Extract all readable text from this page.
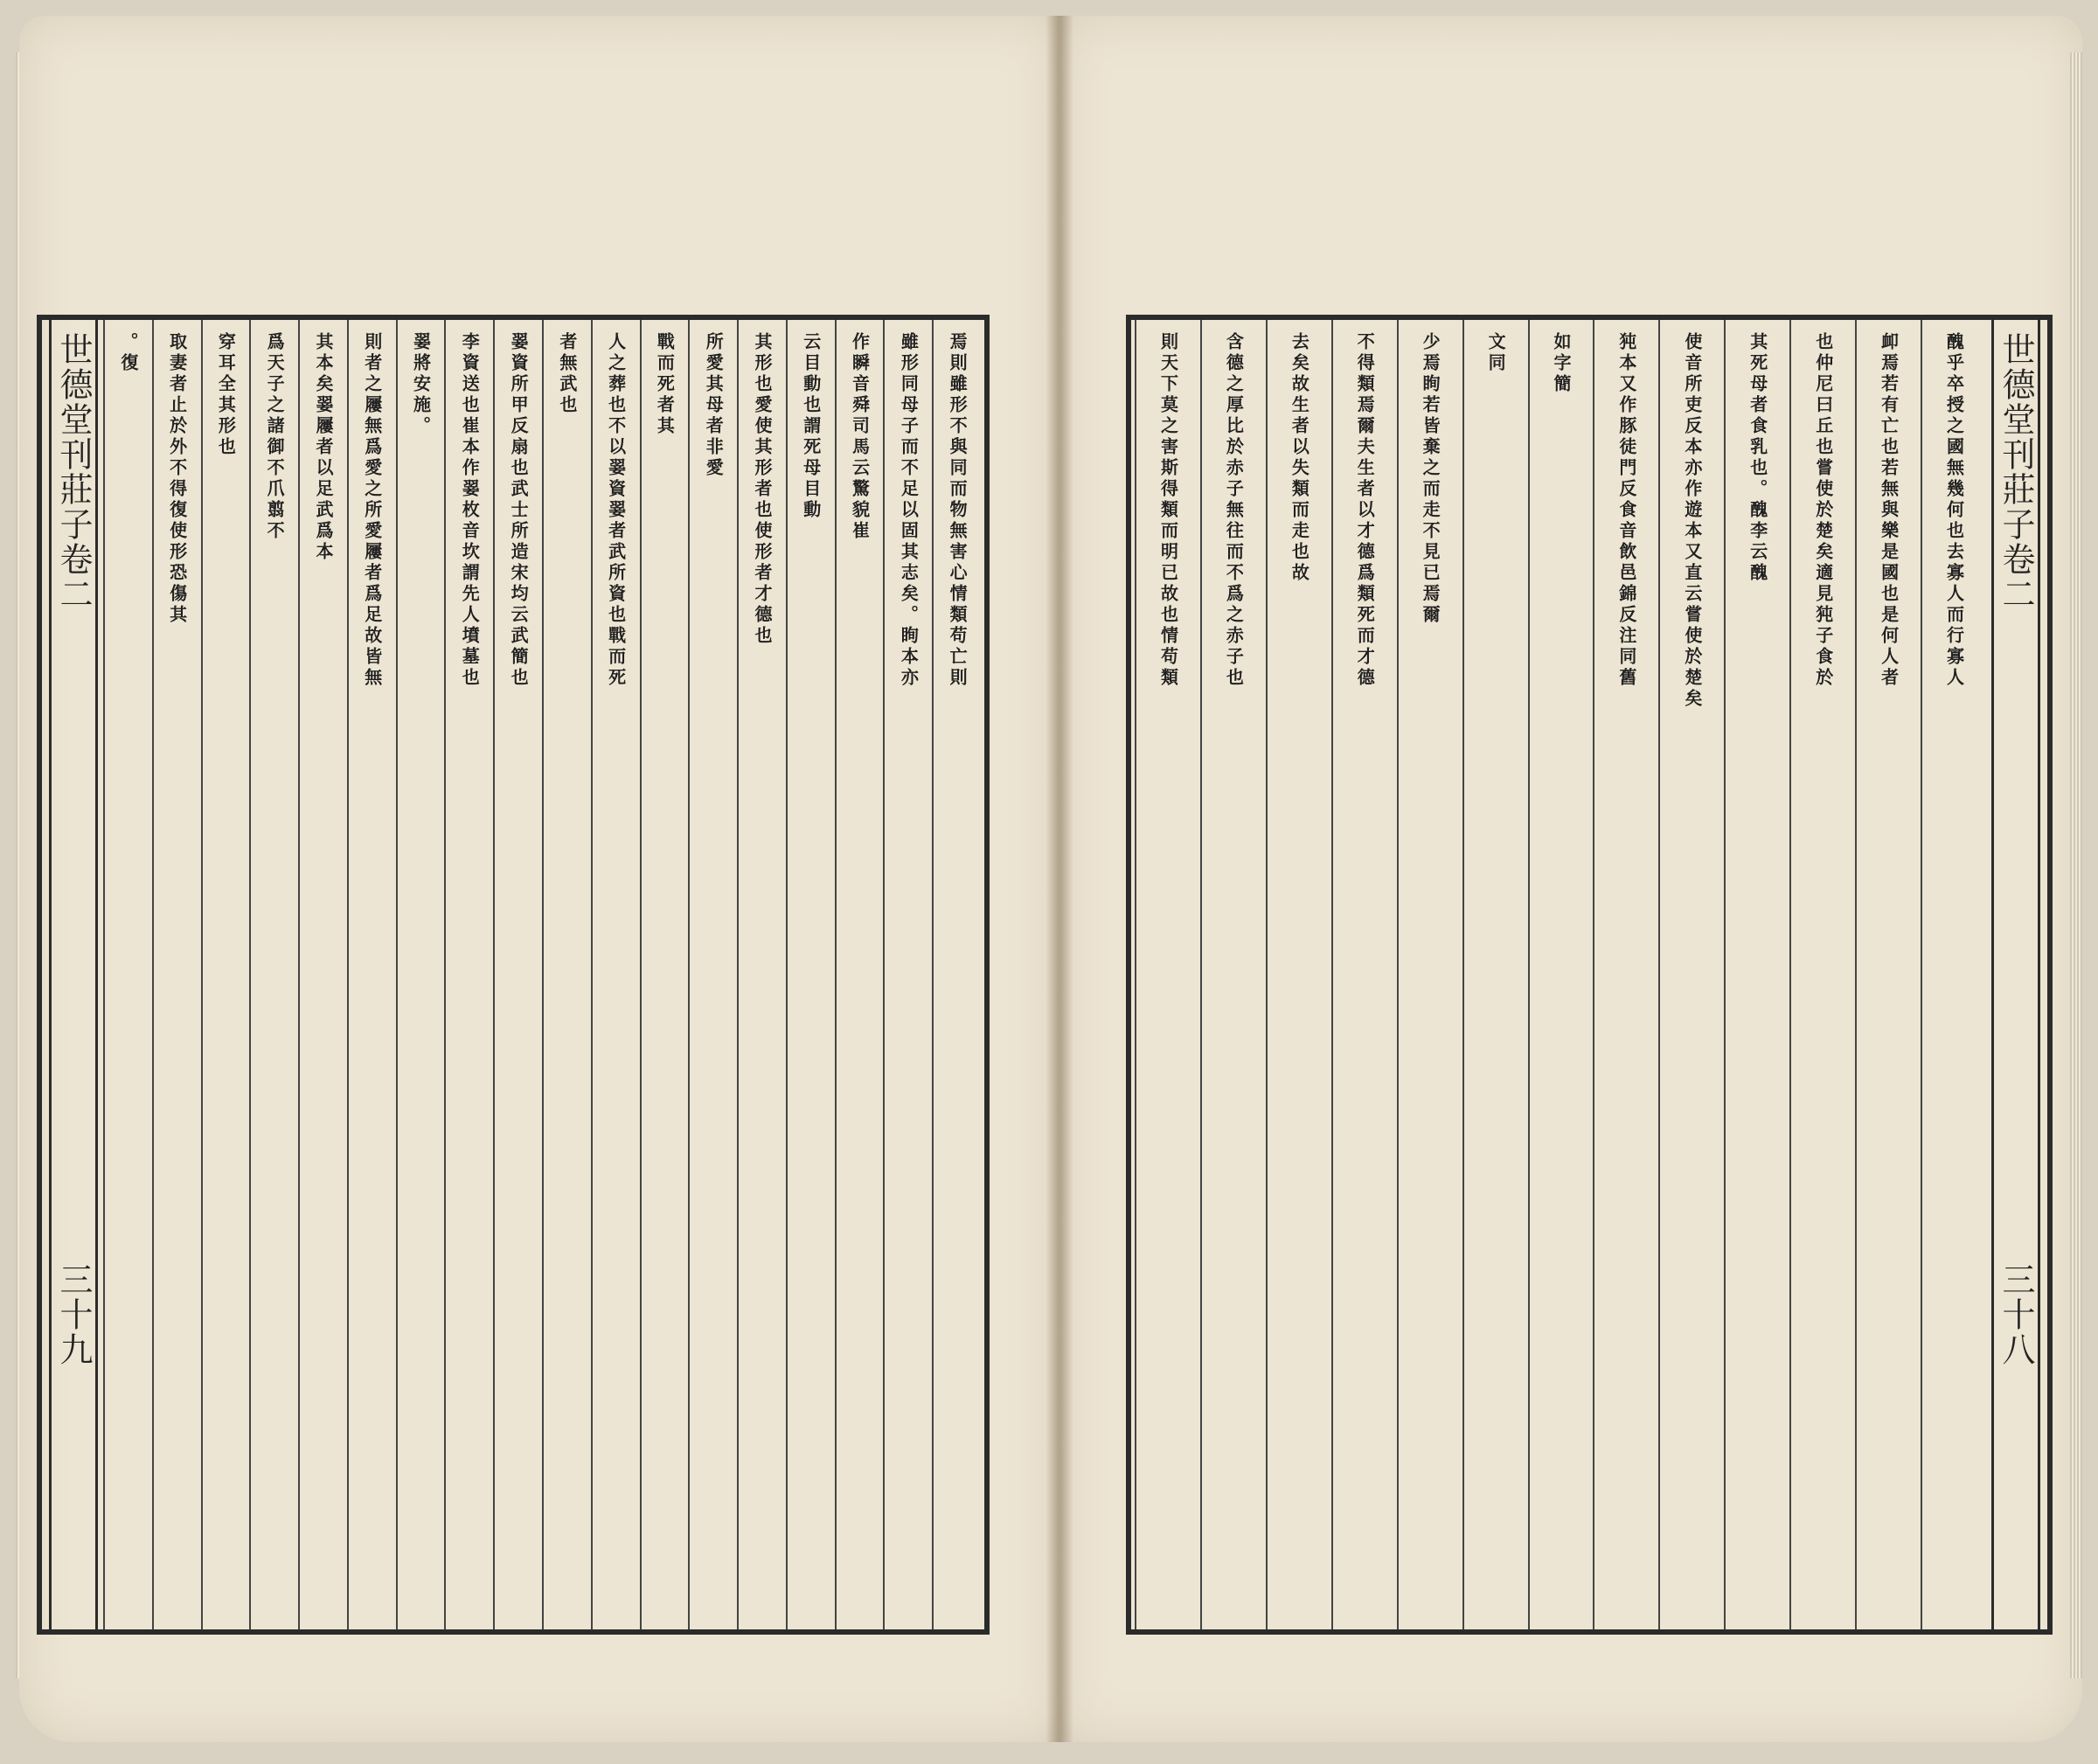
世德堂刊
莊子卷二
三十九
焉則雖形不與同而物無害心情類苟亡則
雖形同母子而不足以固其志矣。眴本亦
作瞬音舜司馬云驚貌崔
云目動也謂死母目動
其形也愛使其形者也使形者才德也
所愛其母者非愛
戰而死者其
人之葬也不以翣資翣者武所資也戰而死
者無武也
翣資所甲反扇也武士所造宋均云武簡也
李資送也崔本作翣枚音坎謂先人墳墓也
翣將安施。
則者之屨無爲愛之所愛屨者爲足故皆無
其本矣翣屨者以足武爲本
爲天子之諸御不爪翦不
穿耳全其形也
取妻者止於外不得復使形恐傷其
。復	世德堂刊
莊子卷二
三十八
醜乎卒授之國無幾何也去寡人而行寡人
卹焉若有亡也若無與樂是國也是何人者
也仲尼曰丘也嘗使於楚矣適見㹠子食於
其死母者食乳也。醜李云醜
使音所吏反本亦作遊本又直云嘗使於楚矣
㹠本又作豚徒門反食音飲邑錦反注同舊
如字簡
文同
少焉眴若皆棄之而走不見已焉爾
不得類焉爾夫生者以才德爲類死而才德
去矣故生者以失類而走也故
含德之厚比於赤子無往而不爲之赤子也
則天下莫之害斯得類而明已故也情苟類
